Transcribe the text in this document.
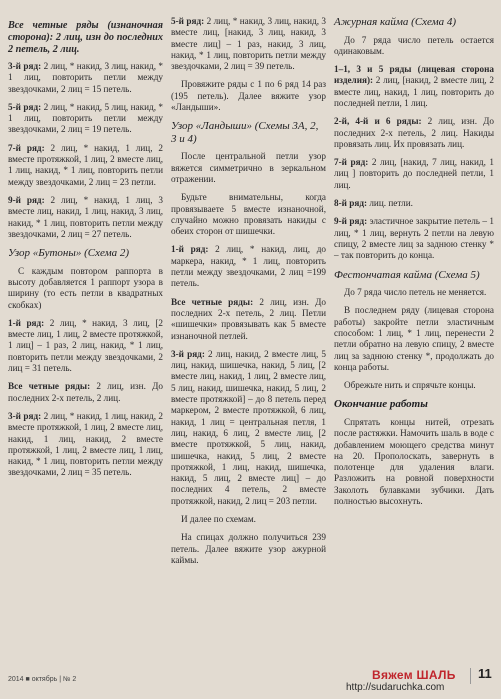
Все четные ряды (изнаночная сторона): 2 лиц, изн до последних 2 петель, 2 лиц.

3-й ряд: 2 лиц, * накид, 3 лиц, накид, * 1 лиц, повторить петли между звездочками, 2 лиц = 15 петель.

5-й ряд: 2 лиц, * накид, 5 лиц, накид, * 1 лиц, повторить петли между звездочками, 2 лиц = 19 петель.

7-й ряд: 2 лиц, * накид, 1 лиц, 2 вместе протяжкой, 1 лиц, 2 вместе лиц, 1 лиц, накид, * 1 лиц, повторить петли между звездочками, 2 лиц = 23 петли.

9-й ряд: 2 лиц, * накид, 1 лиц, 3 вместе лиц, накид, 1 лиц, накид, 3 лиц, накид, * 1 лиц, повторить петли между звездочками, 2 лиц = 27 петель.

Узор «Бутоны» (Схема 2)

С каждым повтором раппорта в высоту добавляется 1 раппорт узора в ширину (то есть петли в квадратных скобках)

1-й ряд: 2 лиц, * накид, 3 лиц, [2 вместе лиц, 1 лиц, 2 вместе протяжкой, 1 лиц] – 1 раз, 2 лиц, накид, * 1 лиц, повторить петли между звездочками, 2 лиц = 31 петель.

Все четные ряды: 2 лиц, изн. До последних 2-х петель, 2 лиц.

3-й ряд: 2 лиц, * накид, 1 лиц, накид, 2 вместе протяжкой, 1 лиц, 2 вместе лиц, накид, 1 лиц, накид, 2 вместе протяжкой, 1 лиц, 2 вместе лиц, 1 лиц, накид, * 1 лиц, повторить петли между звездочками, 2 лиц = 35 петель.

5-й ряд: 2 лиц, * накид, 3 лиц, накид, 3 вместе лиц, [накид, 3 лиц, накид, 3 вместе лиц] – 1 раз, накид, 3 лиц, накид, * 1 лиц, повторить петли между звездочками, 2 лиц = 39 петель.

Провяжите ряды с 1 по 6 ряд 14 раз (195 петель). Далее вяжите узор «Ландыши».

Узор «Ландыши» (Схемы 3А, 2, 3 и 4)

После центральной петли узор вяжется симметрично в зеркальном отражении.

Будьте внимательны, когда провязываете 5 вместе изнаночной, случайно можно провязать накиды с обеих сторон от шишечки.

1-й ряд: 2 лиц, * накид, лиц, до маркера, накид, * 1 лиц, повторить петли между звездочками, 2 лиц =199 петель.

Все четные ряды: 2 лиц, изн. До последних 2-х петель, 2 лиц. Петли «шишечки» провязывать как 5 вместе изнаночной петлей.

3-й ряд: 2 лиц, накид, 2 вместе лиц, 5 лиц, накид, шишечка, накид, 5 лиц, [2 вместе лиц, накид, 1 лиц, 2 вместе лиц, 5 лиц, накид, шишечка, накид, 5 лиц, 2 вместе протяжкой] – до 8 петель перед маркером, 2 вместе протяжкой, 6 лиц, накид, 1 лиц = центральная петля, 1 лиц, накид, 6 лиц, 2 вместе лиц, [2 вместе протяжкой, 5 лиц, накид, шишечка, накид, 5 лиц, 2 вместе протяжкой, 1 лиц, накид, шишечка, накид, 5 лиц, 2 вместе лиц] – до последних 4 петель, 2 вместе протяжкой, накид, 2 лиц = 203 петли.

И далее по схемам.

На спицах должно получиться 239 петель. Далее вяжите узор ажурной каймы.

Ажурная кайма (Схема 4)

До 7 ряда число петель остается одинаковым.

1–1, 3 и 5 ряды (лицевая сторона изделия): 2 лиц, [накид, 2 вместе лиц, 2 вместе лиц, накид, 1 лиц, повторить до последней петли, 1 лиц.

2-й, 4-й и 6 ряды: 2 лиц, изн. До последних 2-х петель, 2 лиц. Накиды провязать лиц. Их провязать лиц.

7-й ряд: 2 лиц, [накид, 7 лиц, накид, 1 лиц ] повторить до последней петли, 1 лиц.

8-й ряд: лиц. петли.

9-й ряд: эластичное закрытие петель – 1 лиц, * 1 лиц, вернуть 2 петли на левую спицу, 2 вместе лиц за заднюю стенку * – так повторить до конца.

Фестончатая кайма (Схема 5)

До 7 ряда число петель не меняется.

В последнем ряду (лицевая сторона работы) закройте петли эластичным способом: 1 лиц, * 1 лиц, перенести 2 петли обратно на левую спицу, 2 вместе лиц за заднюю стенку *, продолжать до конца работы.

Обрежьте нить и спрячьте концы.

Окончание работы

Спрятать концы нитей, отрезать после растяжки. Намочить шаль в воде с добавлением моющего средства минут на 20. Прополоскать, завернуть в полотенце для удаления влаги. Разложить на ровной поверхности Заколоть булавками зубчики. Дать полностью высохнуть.

2014 ■ октябрь | № 2	Вяжем ШАЛЬ 11
http://sudaruchka.com
